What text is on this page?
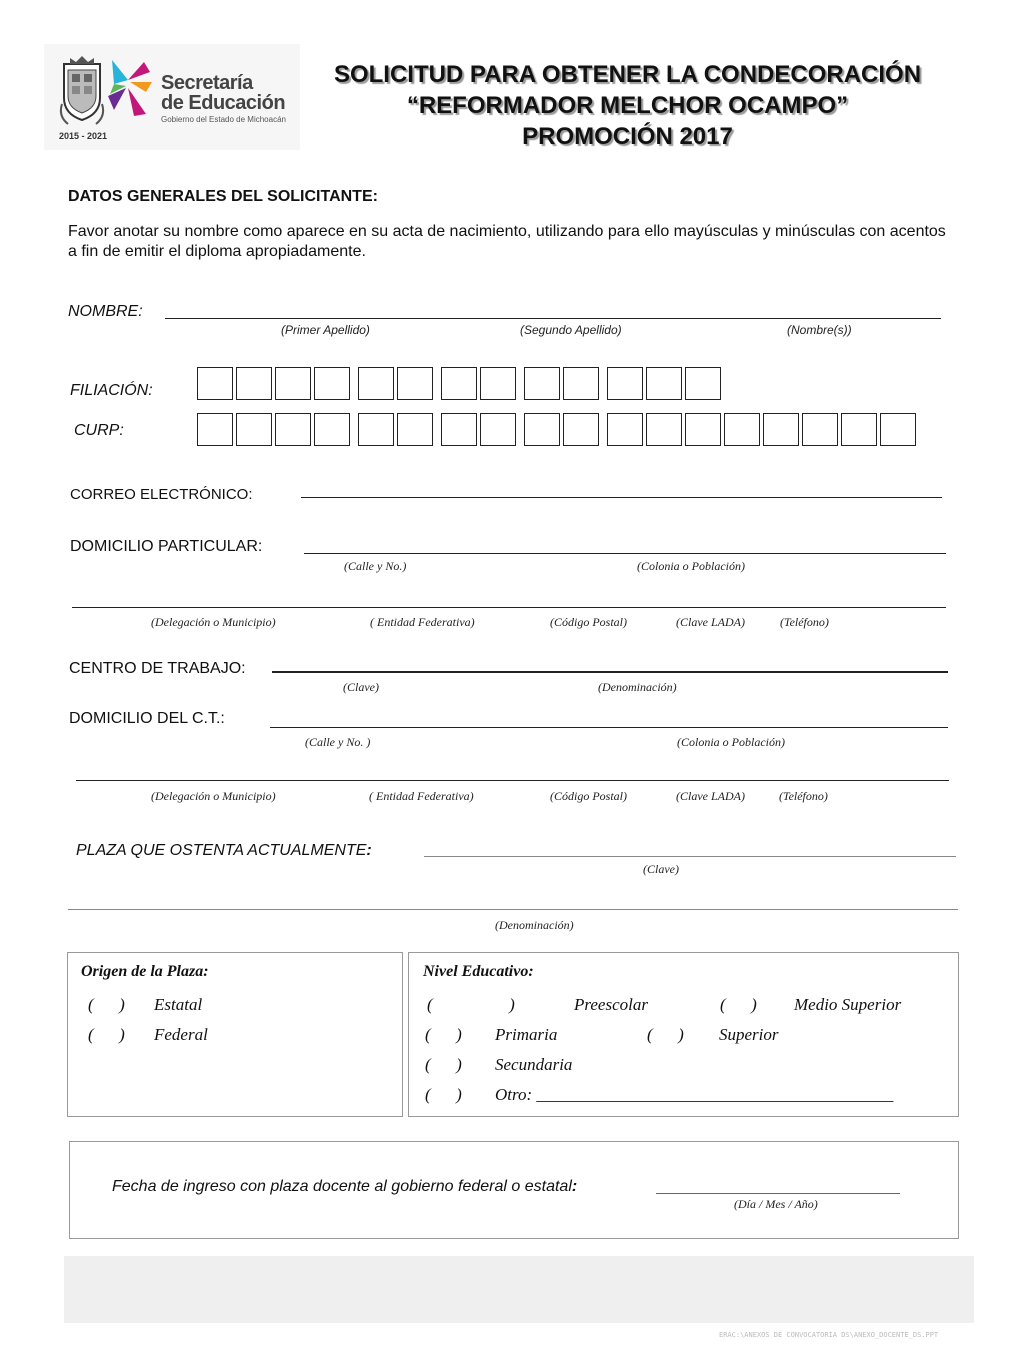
Secretaría
de Educación
Gobierno del Estado de Michoacán
2015 - 2021
SOLICITUD PARA OBTENER LA CONDECORACIÓN
“REFORMADOR MELCHOR OCAMPO”
PROMOCIÓN 2017
DATOS GENERALES DEL SOLICITANTE:
Favor anotar su nombre como aparece en su acta de nacimiento, utilizando para ello mayúsculas y minúsculas con acentos a fin de emitir el diploma apropiadamente.
NOMBRE:
(Primer Apellido)	(Segundo Apellido)	(Nombre(s))
FILIACIÓN:
CURP:
CORREO ELECTRÓNICO:
DOMICILIO PARTICULAR:
(Calle y No.)	(Colonia o Población)
(Delegación o Municipio)	( Entidad Federativa)	(Código Postal)	(Clave LADA)	(Teléfono)
CENTRO DE TRABAJO:
(Clave)	(Denominación)
DOMICILIO DEL C.T.:
(Calle y No. )	(Colonia o Población)
(Delegación o Municipio)	( Entidad Federativa)	(Código Postal)	(Clave LADA)	(Teléfono)
PLAZA QUE OSTENTA ACTUALMENTE:
(Clave)
(Denominación)
Origen de la Plaza:
(      ) Estatal
(      ) Federal
Nivel Educativo:
(                  )	Preescolar	(      ) Medio Superior
(      ) Primaria	(      ) Superior
(      ) Secundaria
(      ) Otro: __________________________________________
Fecha de ingreso con plaza docente al gobierno federal o estatal:
(Día / Mes / Año)
ERAC:\ANEXOS DE CONVOCATORIA DS\ANEXO_DOCENTE_DS.PPT
